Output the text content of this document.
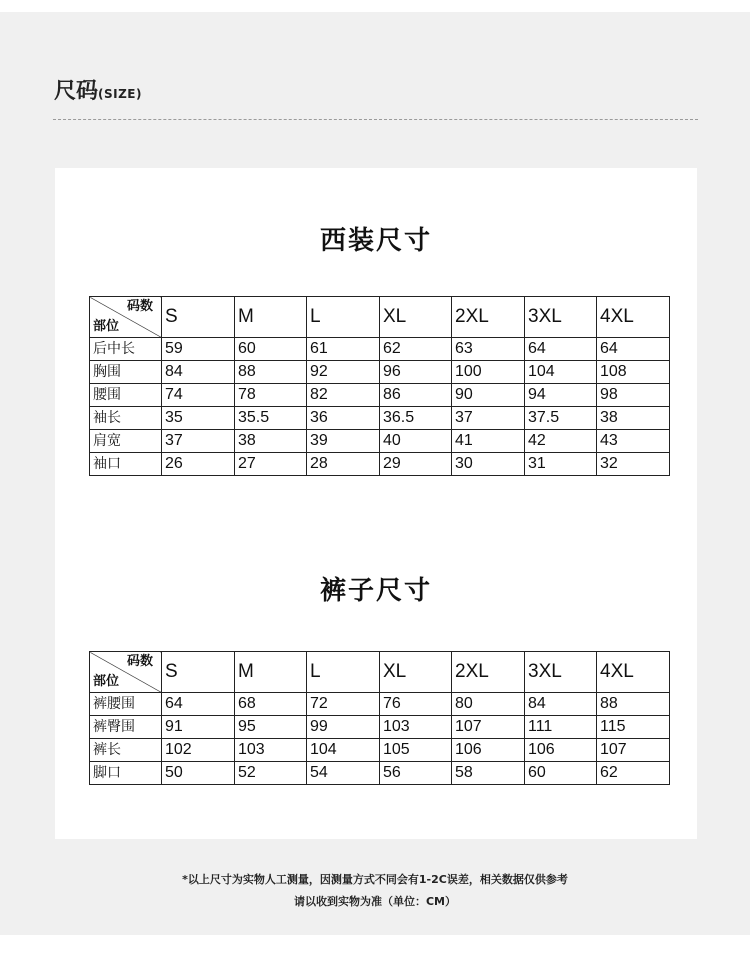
尺码(SIZE)
西装尺寸
码数
部位	S	M	L	XL	2XL	3XL	4XL
后中长	59	60	61	62	63	64	64
胸围	84	88	92	96	100	104	108
腰围	74	78	82	86	90	94	98
袖长	35	35.5	36	36.5	37	37.5	38
肩宽	37	38	39	40	41	42	43
袖口	26	27	28	29	30	31	32
裤子尺寸
码数
部位	S	M	L	XL	2XL	3XL	4XL
裤腰围	64	68	72	76	80	84	88
裤臀围	91	95	99	103	107	111	115
裤长	102	103	104	105	106	106	107
脚口	50	52	54	56	58	60	62
*以上尺寸为实物人工测量，因测量方式不同会有1-2C误差，相关数据仅供参考
请以收到实物为准（单位：CM）
